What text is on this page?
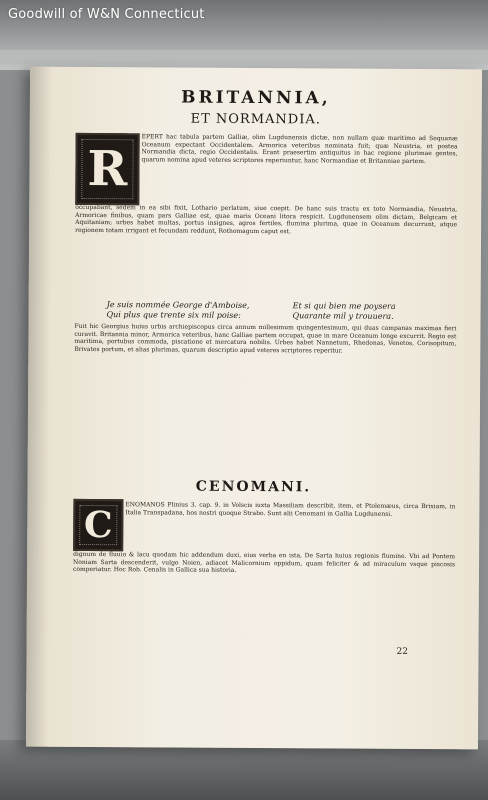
Goodwill of W&N Connecticut
BRITANNIA,
ET NORMANDIA.
R
EPERT hac tabula partem Galliæ, olim Lugdunensis dictæ, non nullam quæ maritimo ad Sequanæ Oceanum expectant Occidentalem. Armorica veteribus nominata fuit; quæ Neustria, et postea Normandia dicta, regio Occidentalis. Erant praesertim antiquitus in hac regione plurimae gentes, quarum nomina apud veteres scriptores reperiuntur, hanc Normandiae et Britanniae partem.
occupabant, sedem in ea sibi fixit, Lothario perlatum, siue coepit. De hanc suis tractu ex toto Normandia, Neustria, Armoricae finibus, quam pars Galliae est, quae maris Oceani litora respicit. Lugdunensem olim dictam, Belgicam et Aquitaniam; urbes habet multas, portus insignes, agros fertiles, flumina plurima, quae in Oceanum decurrunt, atque regionem totam irrigant et fecundam reddunt, Rothomagum caput est.
Je suis nommée George d'Amboise,
Qui plus que trente six mil poise:
Et si qui bien me poysera
Quarante mil y trouuera.
Fuit hic Georgius huius urbis archiepiscopus circa annum millesimum quingentesimum, qui duas campanas maximas fieri curavit. Britannia minor, Armorica veteribus, hanc Galliae partem occupat, quae in mare Oceanum longe excurrit. Regio est maritima, portubus commoda, piscatione et mercatura nobilis. Urbes habet Nannetum, Rhedonas, Venetos, Corisopitum, Brivates portum, et alias plurimas, quarum descriptio apud veteres scriptores reperitur.
CENOMANI.
C	ENOMANOS Plinius 3. cap. 9. in Volscis iuxta Massiliam describit, item, et Ptolemæus, circa Brixiam, in Italia Transpadana, hos nostri quoque Strabo. Sunt alii Cenomani in Gallia Lugdunensi.
dignum de fluuio & lacu quodam hic addendum duxi, eius verba en ista, De Sarta huius regionis flumine. Vbi ad Pontem Noniam Sarta descenderit, vulgo Noien, adiacet Malicornium oppidum, quam feliciter & ad miraculum vsque piscosis comperiatur. Hoc Rob. Cenalis in Gallica sua historia.
22
